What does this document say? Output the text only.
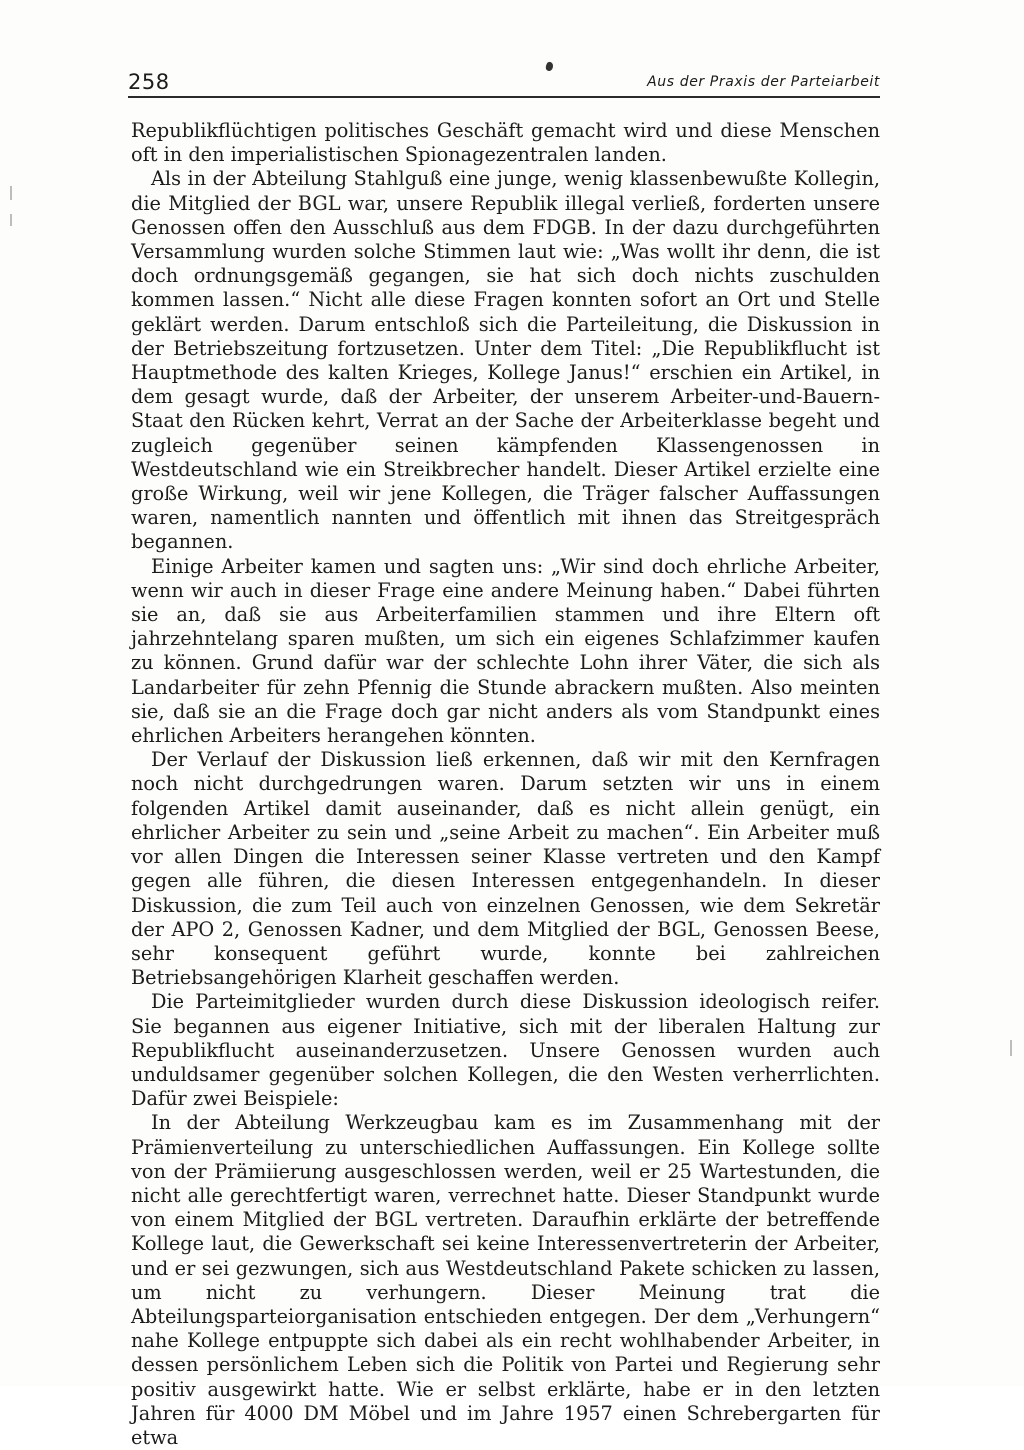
258	Aus der Praxis der Parteiarbeit

Republikflüchtigen politisches Geschäft gemacht wird und diese Menschen oft in den imperialistischen Spionagezentralen landen.

Als in der Abteilung Stahlguß eine junge, wenig klassenbewußte Kollegin, die Mitglied der BGL war, unsere Republik illegal verließ, forderten unsere Genossen offen den Ausschluß aus dem FDGB. In der dazu durchgeführten Versammlung wurden solche Stimmen laut wie: „Was wollt ihr denn, die ist doch ordnungsgemäß gegangen, sie hat sich doch nichts zuschulden kommen lassen.“ Nicht alle diese Fragen konnten sofort an Ort und Stelle geklärt werden. Darum entschloß sich die Parteileitung, die Diskussion in der Betriebszeitung fortzusetzen. Unter dem Titel: „Die Republikflucht ist Hauptmethode des kalten Krieges, Kollege Janus!“ erschien ein Artikel, in dem gesagt wurde, daß der Arbeiter, der unserem Arbeiter-und-Bauern-Staat den Rücken kehrt, Verrat an der Sache der Arbeiterklasse begeht und zugleich gegenüber seinen kämpfenden Klassengenossen in Westdeutschland wie ein Streikbrecher handelt. Dieser Artikel erzielte eine große Wirkung, weil wir jene Kollegen, die Träger falscher Auffassungen waren, namentlich nannten und öffentlich mit ihnen das Streitgespräch begannen.

Einige Arbeiter kamen und sagten uns: „Wir sind doch ehrliche Arbeiter, wenn wir auch in dieser Frage eine andere Meinung haben.“ Dabei führten sie an, daß sie aus Arbeiterfamilien stammen und ihre Eltern oft jahrzehntelang sparen mußten, um sich ein eigenes Schlafzimmer kaufen zu können. Grund dafür war der schlechte Lohn ihrer Väter, die sich als Landarbeiter für zehn Pfennig die Stunde abrackern mußten. Also meinten sie, daß sie an die Frage doch gar nicht anders als vom Standpunkt eines ehrlichen Arbeiters herangehen könnten.

Der Verlauf der Diskussion ließ erkennen, daß wir mit den Kernfragen noch nicht durchgedrungen waren. Darum setzten wir uns in einem folgenden Artikel damit auseinander, daß es nicht allein genügt, ein ehrlicher Arbeiter zu sein und „seine Arbeit zu machen“. Ein Arbeiter muß vor allen Dingen die Interessen seiner Klasse vertreten und den Kampf gegen alle führen, die diesen Interessen entgegenhandeln. In dieser Diskussion, die zum Teil auch von einzelnen Genossen, wie dem Sekretär der APO 2, Genossen Kadner, und dem Mitglied der BGL, Genossen Beese, sehr konsequent geführt wurde, konnte bei zahlreichen Betriebsangehörigen Klarheit geschaffen werden.

Die Parteimitglieder wurden durch diese Diskussion ideologisch reifer. Sie begannen aus eigener Initiative, sich mit der liberalen Haltung zur Republikflucht auseinanderzusetzen. Unsere Genossen wurden auch unduldsamer gegenüber solchen Kollegen, die den Westen verherrlichten. Dafür zwei Beispiele:

In der Abteilung Werkzeugbau kam es im Zusammenhang mit der Prämienverteilung zu unterschiedlichen Auffassungen. Ein Kollege sollte von der Prämiierung ausgeschlossen werden, weil er 25 Wartestunden, die nicht alle gerechtfertigt waren, verrechnet hatte. Dieser Standpunkt wurde von einem Mitglied der BGL vertreten. Daraufhin erklärte der betreffende Kollege laut, die Gewerkschaft sei keine Interessenvertreterin der Arbeiter, und er sei gezwungen, sich aus Westdeutschland Pakete schicken zu lassen, um nicht zu verhungern. Dieser Meinung trat die Abteilungsparteiorganisation entschieden entgegen. Der dem „Verhungern“ nahe Kollege entpuppte sich dabei als ein recht wohlhabender Arbeiter, in dessen persönlichem Leben sich die Politik von Partei und Regierung sehr positiv ausgewirkt hatte. Wie er selbst erklärte, habe er in den letzten Jahren für 4000 DM Möbel und im Jahre 1957 einen Schrebergarten für etwa
